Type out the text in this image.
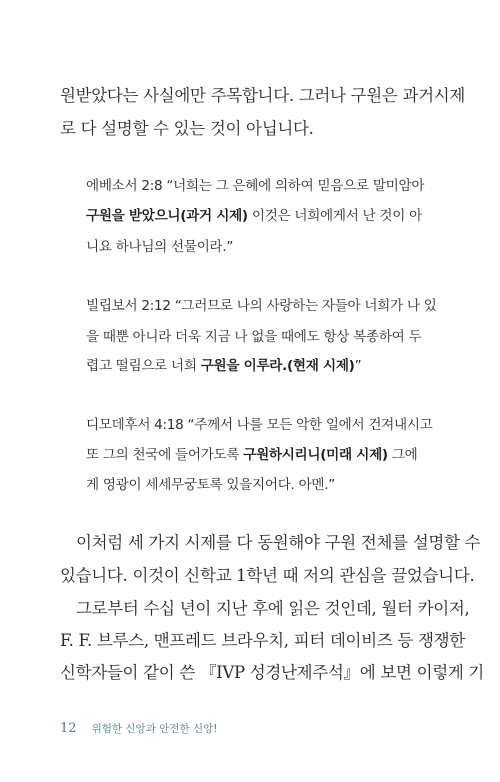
원받았다는 사실에만 주목합니다. 그러나 구원은 과거시제
로 다 설명할 수 있는 것이 아닙니다.
에베소서 2:8 “너희는 그 은혜에 의하여 믿음으로 말미암아
구원을 받았으니(과거 시제) 이것은 너희에게서 난 것이 아
니요 하나님의 선물이라.”
빌립보서 2:12 “그러므로 나의 사랑하는 자들아 너희가 나 있
을 때뿐 아니라 더욱 지금 나 없을 때에도 항상 복종하여 두
렵고 떨림으로 너희 구원을 이루라.(현재 시제)”
디모데후서 4:18 “주께서 나를 모든 악한 일에서 건져내시고
또 그의 천국에 들어가도록 구원하시리니(미래 시제) 그에
게 영광이 세세무궁토록 있을지어다. 아멘.”
이처럼 세 가지 시제를 다 동원해야 구원 전체를 설명할 수
있습니다. 이것이 신학교 1학년 때 저의 관심을 끌었습니다.
그로부터 수십 년이 지난 후에 읽은 것인데, 월터 카이저,
F. F. 브루스, 맨프레드 브라우치, 피터 데이비즈 등 쟁쟁한
신학자들이 같이 쓴 『IVP 성경난제주석』에 보면 이렇게 기
12 위험한 신앙과 안전한 신앙!
